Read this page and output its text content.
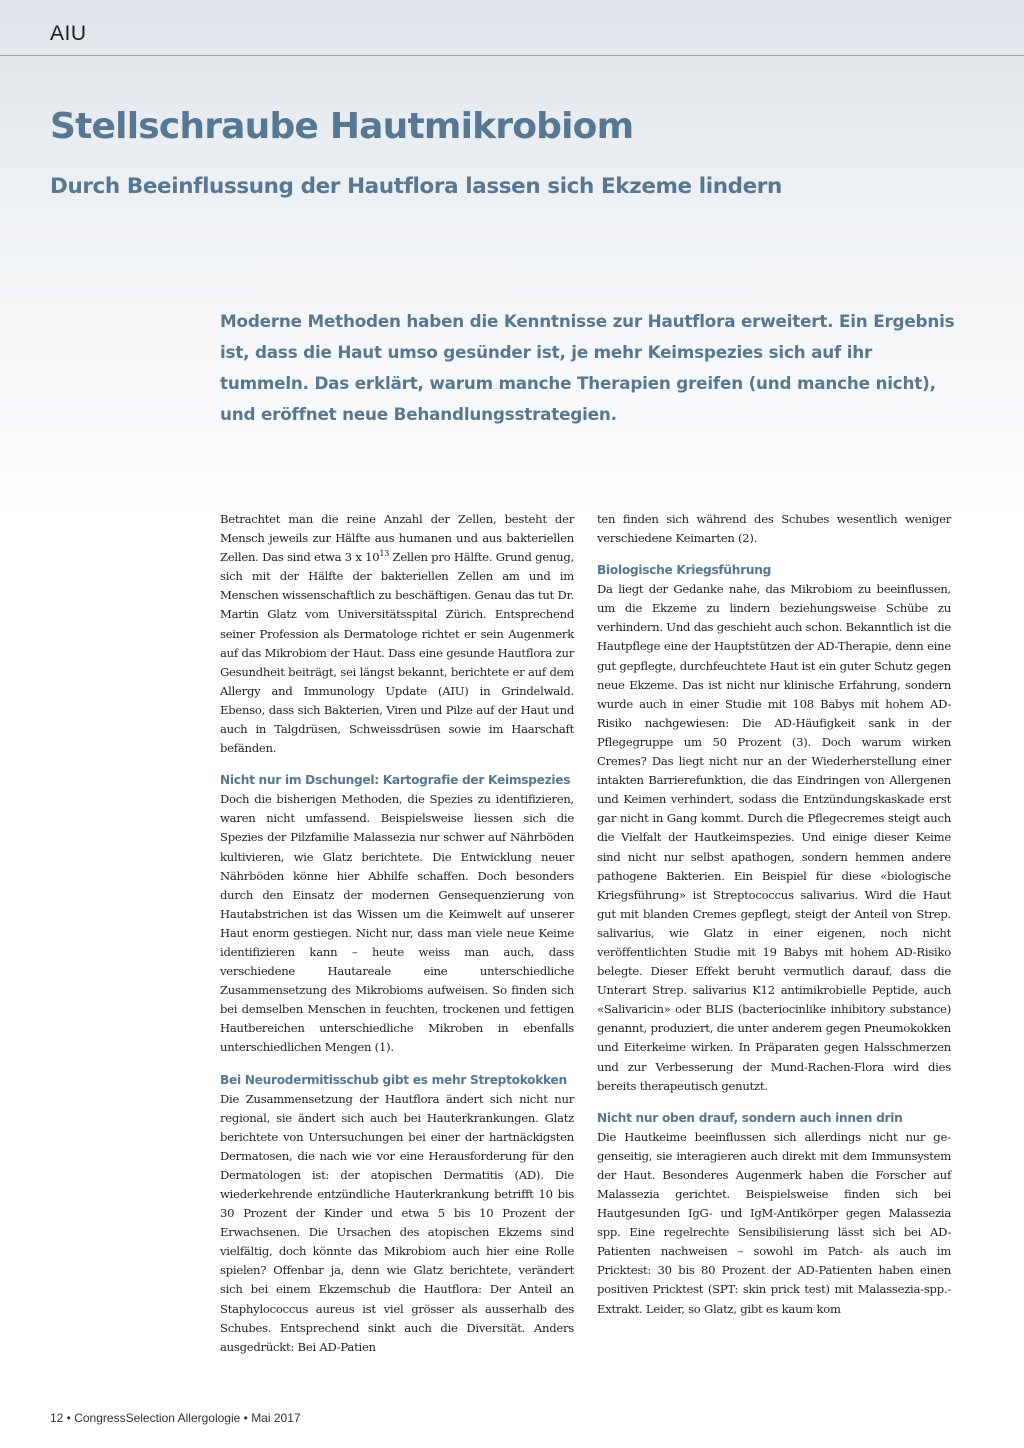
AIU
Stellschraube Hautmikrobiom
Durch Beeinflussung der Hautflora lassen sich Ekzeme lindern

Moderne Methoden haben die Kenntnisse zur Hautflora erweitert. Ein Ergebnis ist, dass die Haut umso gesünder ist, je mehr Keimspezies sich auf ihr tummeln. Das erklärt, warum manche Therapien greifen (und manche nicht), und eröffnet neue Behandlungsstrategien.

Betrachtet man die reine Anzahl der Zellen, besteht der Mensch jeweils zur Hälfte aus humanen und aus bakteriellen Zellen. Das sind etwa 3 x $10^{13}$ Zellen pro Hälfte. Grund genug, sich mit der Hälfte der bakteriellen Zellen am und im Menschen wissenschaftlich zu beschäftigen. Genau das tut Dr. Martin Glatz vom Universitätsspital Zürich. Entsprechend seiner Profession als Dermatologe richtet er sein Augenmerk auf das Mikrobiom der Haut. Dass eine gesunde Hautflora zur Gesundheit beiträgt, sei längst bekannt, berichtete er auf dem Allergy and Immunology Update (AIU) in Grindelwald. Ebenso, dass sich Bakterien, Viren und Pilze auf der Haut und auch in Talgdrüsen, Schweissdrüsen sowie im Haarschaft befänden.

Nicht nur im Dschungel: Kartografie der Keimspezies

Doch die bisherigen Methoden, die Spezies zu identifizieren, waren nicht umfassend. Beispielsweise liessen sich die Spezies der Pilzfamilie Malassezia nur schwer auf Nährböden kultivieren, wie Glatz berichtete. Die Entwicklung neuer Nährböden könne hier Abhilfe schaffen. Doch besonders durch den Einsatz der modernen Gensequenzierung von Hautabstrichen ist das Wissen um die Keimwelt auf unserer Haut enorm gestiegen. Nicht nur, dass man viele neue Keime identifizieren kann – heute weiss man auch, dass verschiedene Hautareale eine unterschiedliche Zusammensetzung des Mikrobioms aufweisen. So finden sich bei demselben Menschen in feuchten, trockenen und fettigen Hautbereichen unterschiedliche Mikroben in ebenfalls unterschiedlichen Mengen (1).

Bei Neurodermitisschub gibt es mehr Streptokokken

Die Zusammensetzung der Hautflora ändert sich nicht nur regional, sie ändert sich auch bei Hauterkrankungen. Glatz berichtete von Untersuchungen bei einer der hartnäckigsten Dermatosen, die nach wie vor eine Herausforderung für den Dermatologen ist: der atopischen Dermatitis (AD). Die wiederkehrende entzündliche Hauterkrankung betrifft 10 bis 30 Prozent der Kinder und etwa 5 bis 10 Prozent der Erwachsenen. Die Ursachen des atopischen Ekzems sind vielfältig, doch könnte das Mikrobiom auch hier eine Rolle spielen? Offenbar ja, denn wie Glatz berichtete, verändert sich bei einem Ekzemschub die Hautflora: Der Anteil an Staphylococcus aureus ist viel grösser als ausserhalb des Schubes. Entsprechend sinkt auch die Diversität. Anders ausgedrückt: Bei AD-Patien

ten finden sich während des Schubes wesentlich weniger verschiedene Keimarten (2).

Biologische Kriegsführung

Da liegt der Gedanke nahe, das Mikrobiom zu beeinflussen, um die Ekzeme zu lindern beziehungsweise Schübe zu verhindern. Und das geschieht auch schon. Bekanntlich ist die Hautpflege eine der Hauptstützen der AD-Therapie, denn eine gut gepflegte, durchfeuchtete Haut ist ein guter Schutz gegen neue Ekzeme. Das ist nicht nur klinische Erfahrung, sondern wurde auch in einer Studie mit 108 Babys mit hohem AD-Risiko nachgewiesen: Die AD-Häufigkeit sank in der Pflegegruppe um 50 Prozent (3). Doch warum wirken Cremes? Das liegt nicht nur an der Wiederherstellung einer intakten Barrierefunktion, die das Eindringen von Allergenen und Keimen verhindert, sodass die Entzündungskaskade erst gar nicht in Gang kommt. Durch die Pflegecremes steigt auch die Vielfalt der Hautkeimspezies. Und einige dieser Keime sind nicht nur selbst apathogen, sondern hemmen andere pathogene Bakterien. Ein Beispiel für diese «biologische Kriegsführung» ist Streptococcus salivarius. Wird die Haut gut mit blanden Cremes gepflegt, steigt der Anteil von Strep. salivarius, wie Glatz in einer eigenen, noch nicht veröffentlichten Studie mit 19 Babys mit hohem AD-Risiko belegte. Dieser Effekt beruht vermutlich darauf, dass die Unterart Strep. salivarius K12 antimikrobielle Peptide, auch «Salivaricin» oder BLIS (bacteriocinlike inhibitory substance) genannt, produziert, die unter anderem gegen Pneumokokken und Eiterkeime wirken. In Präparaten gegen Halsschmerzen und zur Verbesserung der Mund-Rachen-Flora wird dies bereits therapeutisch genutzt.

Nicht nur oben drauf, sondern auch innen drin

Die Hautkeime beeinflussen sich allerdings nicht nur gegenseitig, sie interagieren auch direkt mit dem Immunsystem der Haut. Besonderes Augenmerk haben die Forscher auf Malassezia gerichtet. Beispielsweise finden sich bei Hautgesunden IgG- und IgM-Antikörper gegen Malassezia spp. Eine regelrechte Sensibilisierung lässt sich bei AD-Patienten nachweisen – sowohl im Patch- als auch im Pricktest: 30 bis 80 Prozent der AD-Patienten haben einen positiven Pricktest (SPT: skin prick test) mit Malassezia-spp.-Extrakt. Leider, so Glatz, gibt es kaum kom

12 • CongressSelection Allergologie • Mai 2017
